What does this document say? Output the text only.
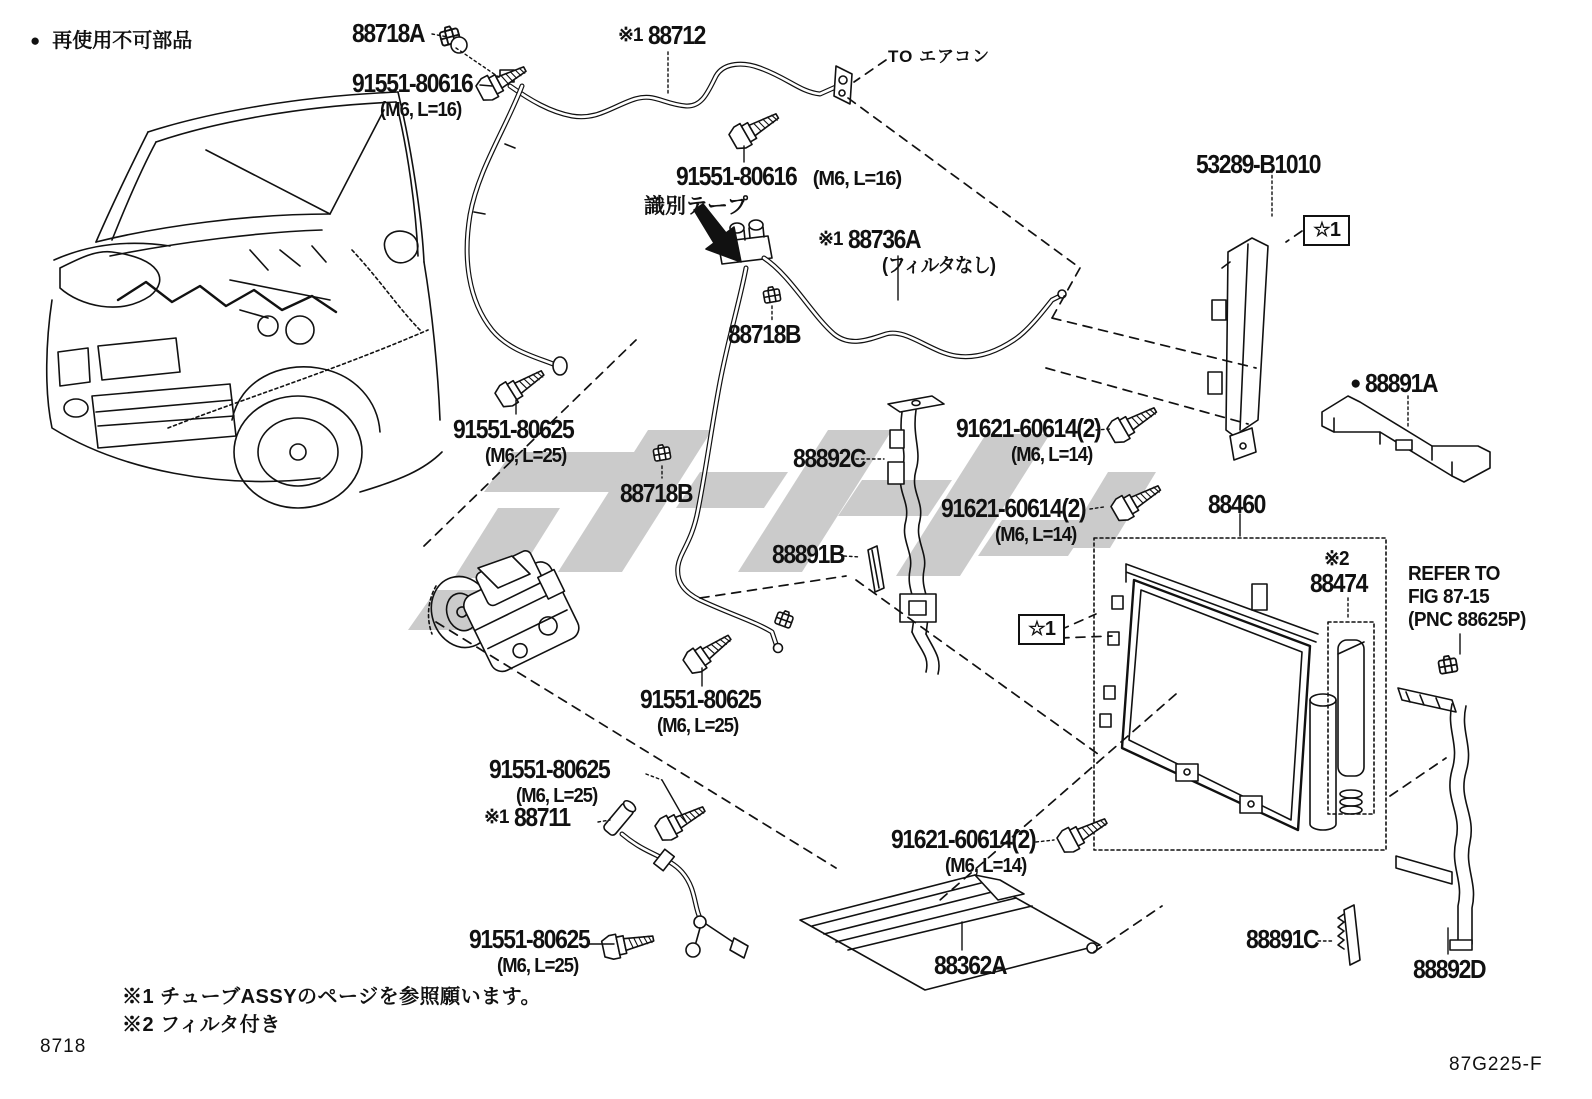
● 再使用不可部品
☆1
☆1
※1 チューブASSYのページを参照願います。
※2 フィルタ付き
8718
87G225-F
88718A
91551-80616
(M6, L=16)
※1 88712
TO エアコン
91551-80616 (M6, L=16)
識別テープ
※1 88736A
(フィルタなし)
88718B
53289-B1010
● 88891A
91551-80625
(M6, L=25)
88718B
88892C
91621-60614(2)
(M6, L=14)
91621-60614(2)
(M6, L=14)
88460
※2
88474	REFER TO
FIG 87-15
(PNC 88625P)
88891B
91551-80625
(M6, L=25)
91551-80625
(M6, L=25)
※1 88711
91621-60614(2)
(M6, L=14)
91551-80625
(M6, L=25)	88362A
88891C
88892D
